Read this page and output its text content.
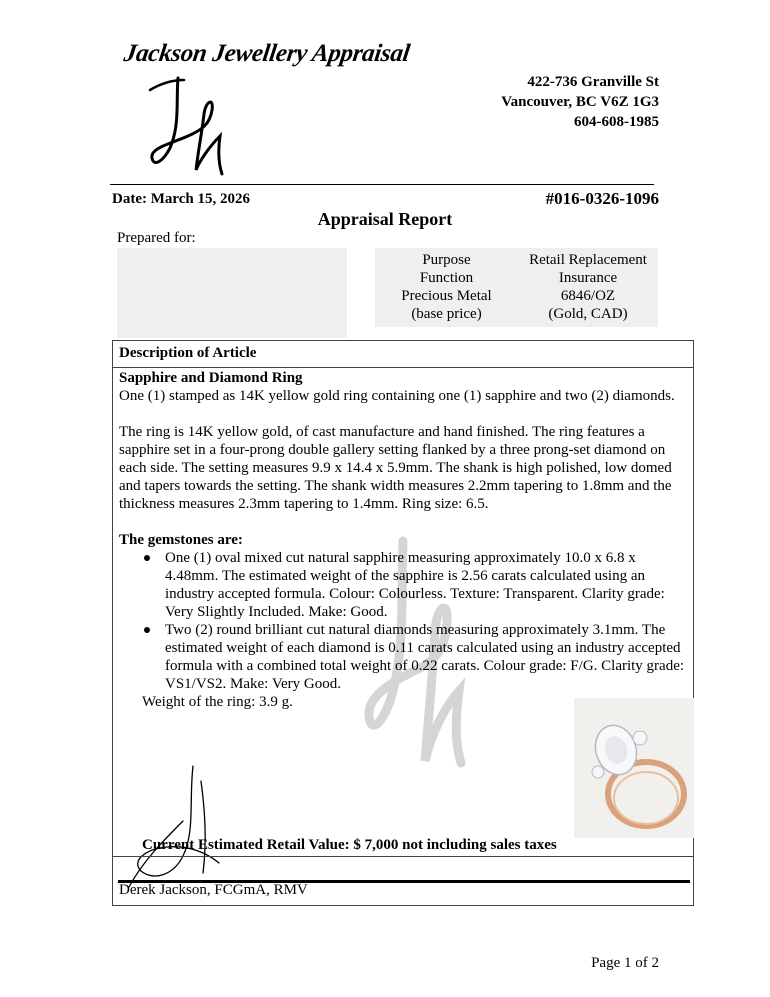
Jackson Jewellery Appraisal
422-736 Granville St
Vancouver, BC V6Z 1G3
604-608-1985
Date: March 15, 2026	#016-0326-1096
Appraisal Report
Prepared for:
Purpose
Function
Precious Metal
(base price)
Retail Replacement
Insurance
6846/OZ
(Gold, CAD)
Description of Article

Sapphire and Diamond Ring

One (1) stamped as 14K yellow gold ring containing one (1) sapphire and two (2) diamonds.

The ring is 14K yellow gold, of cast manufacture and hand finished. The ring features a sapphire set in a four-prong double gallery setting flanked by a three prong-set diamond on each side. The setting measures 9.9 x 14.4 x 5.9mm. The shank is high polished, low domed and tapers towards the setting. The shank width measures 2.2mm tapering to 1.8mm and the thickness measures 2.3mm tapering to 1.4mm. Ring size: 6.5.

The gemstones are:

One (1) oval mixed cut natural sapphire measuring approximately 10.0 x 6.8 x 4.48mm. The estimated weight of the sapphire is 2.56 carats calculated using an industry accepted formula. Colour: Colourless. Texture: Transparent. Clarity grade: Very Slightly Included. Make: Good.
Two (2) round brilliant cut natural diamonds measuring approximately 3.1mm. The estimated weight of each diamond is 0.11 carats calculated using an industry accepted formula with a combined total weight of 0.22 carats. Colour grade: F/G. Clarity grade: VS1/VS2. Make: Very Good.

Weight of the ring: 3.9 g.

Current Estimated Retail Value: $ 7,000 not including sales taxes
Derek Jackson, FCGmA, RMV
Page 1 of 2
